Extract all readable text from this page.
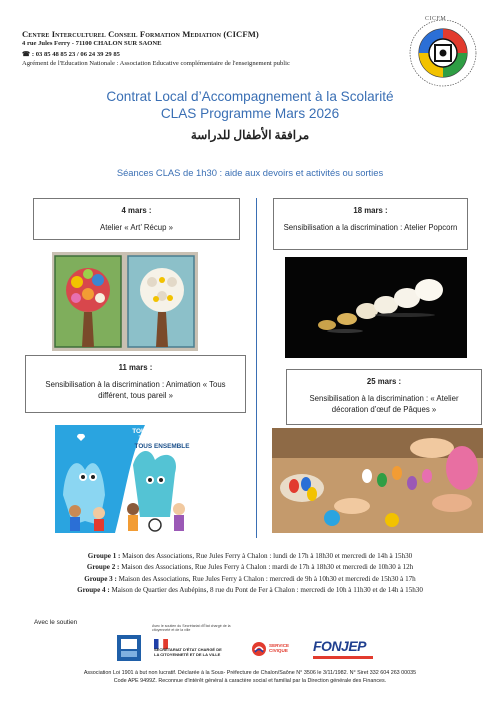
Centre Interculturel Conseil Formation Mediation (CICFM)
4 rue Jules Ferry - 71100 CHALON SUR SAONE
☎ : 03 85 48 85 23 / 06 24 39 29 85
Agrément de l'Education Nationale : Association Educative complémentaire de l'enseignement public
CICFM
Contrat Local d’Accompagnement à la Scolarité
CLAS Programme Mars 2026
مرافقة الأطفال للدراسة
Séances CLAS de 1h30 : aide aux devoirs et activités ou sorties
4 mars :
Atelier « Art’ Récup »
18 mars :
Sensibilisation a la discrimination : Atelier Popcorn
11 mars :
Sensibilisation à la discrimination : Animation « Tous différent, tous pareil »
25 mars :
Sensibilisation à la discrimination : « Atelier décoration d’œuf de Pâques »
TOUS DIFFÉRENTS
TOUS PAREILS
TOUS ENSEMBLE
Groupe 1 : Maison des Associations, Rue Jules Ferry à Chalon : lundi de 17h à 18h30 et mercredi de 14h à 15h30
Groupe 2 : Maison des Associations, Rue Jules Ferry à Chalon : mardi de 17h à 18h30 et mercredi de 10h30 à 12h
Groupe 3 : Maison des Associations, Rue Jules Ferry à Chalon : mercredi de 9h à 10h30 et mercredi de 15h30 à 17h
Groupe 4 : Maison de Quartier des Aubépins, 8 rue du Pont de Fer à Chalon : mercredi de 10h à 11h30 et de 14h à 15h30
Avec le soutien	Avec le soutien du Secrétariat d'État chargé de la citoyenneté et de la ville
SECRÉTARIAT D'ÉTAT CHARGÉ DE LA CITOYENNETÉ ET DE LA VILLE
SERVICE CIVIQUE	FONJEP
Association Loi 1901 à but non lucratif. Déclarée à la Sous- Préfecture de Chalon/Saône N° 3506 le 3/11/1982. N° Siret 332 604 263 00035
Code APE 9499Z. Reconnue d'intérêt général à caractère social et familial par la Direction générale des Finances.
